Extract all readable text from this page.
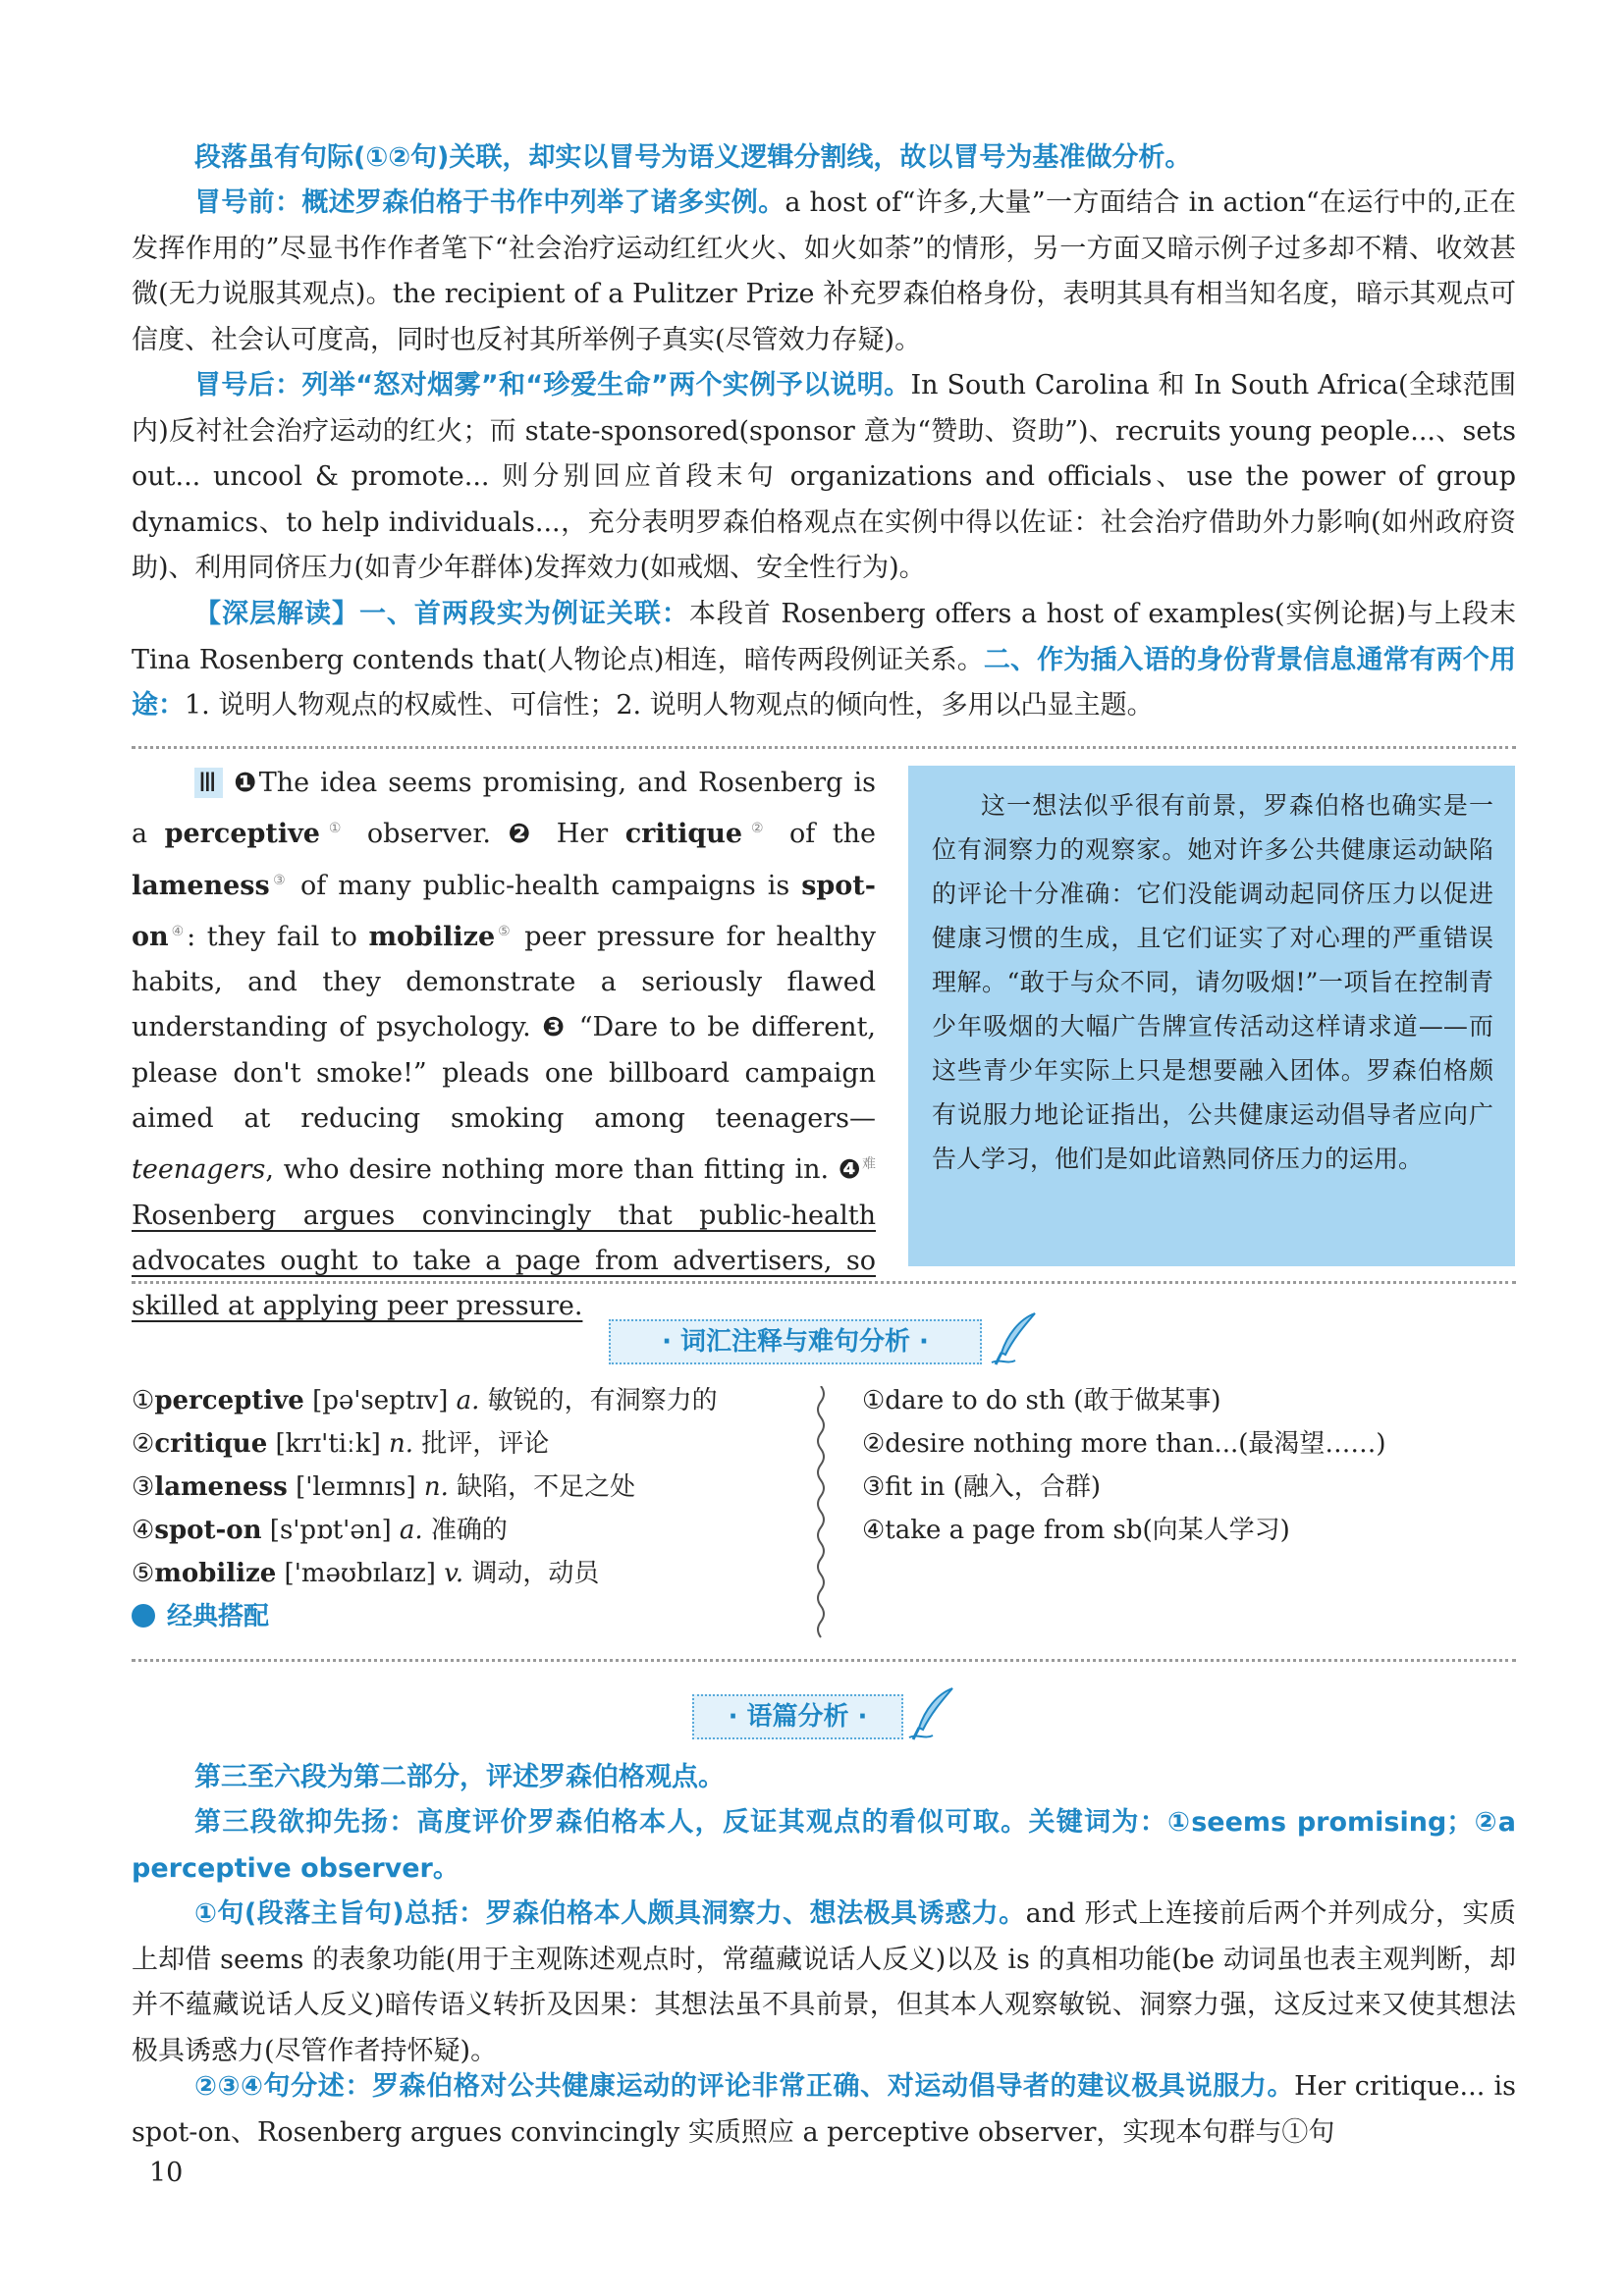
段落虽有句际(①②句)关联，却实以冒号为语义逻辑分割线，故以冒号为基准做分析。

冒号前：概述罗森伯格于书作中列举了诸多实例。a host of“许多,大量”一方面结合 in action“在运行中的,正在发挥作用的”尽显书作作者笔下“社会治疗运动红红火火、如火如荼”的情形，另一方面又暗示例子过多却不精、收效甚微(无力说服其观点)。the recipient of a Pulitzer Prize 补充罗森伯格身份，表明其具有相当知名度，暗示其观点可信度、社会认可度高，同时也反衬其所举例子真实(尽管效力存疑)。

冒号后：列举“怒对烟雾”和“珍爱生命”两个实例予以说明。In South Carolina 和 In South Africa(全球范围内)反衬社会治疗运动的红火；而 state-sponsored(sponsor 意为“赞助、资助”)、recruits young people...、sets out... uncool & promote... 则分别回应首段末句 organizations and officials、use the power of group dynamics、to help individuals...，充分表明罗森伯格观点在实例中得以佐证：社会治疗借助外力影响(如州政府资助)、利用同侪压力(如青少年群体)发挥效力(如戒烟、安全性行为)。

【深层解读】一、首两段实为例证关联：本段首 Rosenberg offers a host of examples(实例论据)与上段末 Tina Rosenberg contends that(人物论点)相连，暗传两段例证关系。二、作为插入语的身份背景信息通常有两个用途：1. 说明人物观点的权威性、可信性；2. 说明人物观点的倾向性，多用以凸显主题。

Ⅲ ❶The idea seems promising, and Rosenberg is a perceptive① observer. ❷ Her critique② of the lameness③ of many public-health campaigns is spot-on④: they fail to mobilize⑤ peer pressure for healthy habits, and they demonstrate a seriously flawed understanding of psychology. ❸ “Dare to be different, please don't smoke!” pleads one billboard campaign aimed at reducing smoking among teenagers—teenagers, who desire nothing more than fitting in. ❹$^难$ Rosenberg argues convincingly that public-health advocates ought to take a page from advertisers, so skilled at applying peer pressure.

这一想法似乎很有前景，罗森伯格也确实是一位有洞察力的观察家。她对许多公共健康运动缺陷的评论十分准确：它们没能调动起同侪压力以促进健康习惯的生成，且它们证实了对心理的严重错误理解。“敢于与众不同，请勿吸烟!”一项旨在控制青少年吸烟的大幅广告牌宣传活动这样请求道——而这些青少年实际上只是想要融入团体。罗森伯格颇有说服力地论证指出，公共健康运动倡导者应向广告人学习，他们是如此谙熟同侪压力的运用。

· 词汇注释与难句分析 ·
①perceptive [pə'septɪv] a. 敏锐的，有洞察力的
②critique [krɪ'tiːk] n. 批评，评论
③lameness ['leɪmnɪs] n. 缺陷，不足之处
④spot-on [s'pɒt'ən] a. 准确的
⑤mobilize ['məʊbɪlaɪz] v. 调动，动员
经典搭配
①dare to do sth (敢于做某事)
②desire nothing more than...(最渴望……)
③fit in (融入，合群)
④take a page from sb(向某人学习)
· 语篇分析 ·

第三至六段为第二部分，评述罗森伯格观点。

第三段欲抑先扬：高度评价罗森伯格本人，反证其观点的看似可取。关键词为：①seems promising；②a perceptive observer。

①句(段落主旨句)总括：罗森伯格本人颇具洞察力、想法极具诱惑力。and 形式上连接前后两个并列成分，实质上却借 seems 的表象功能(用于主观陈述观点时，常蕴藏说话人反义)以及 is 的真相功能(be 动词虽也表主观判断，却并不蕴藏说话人反义)暗传语义转折及因果：其想法虽不具前景，但其本人观察敏锐、洞察力强，这反过来又使其想法极具诱惑力(尽管作者持怀疑)。

②③④句分述：罗森伯格对公共健康运动的评论非常正确、对运动倡导者的建议极具说服力。Her critique... is spot-on、Rosenberg argues convincingly 实质照应 a perceptive observer，实现本句群与①句

10
